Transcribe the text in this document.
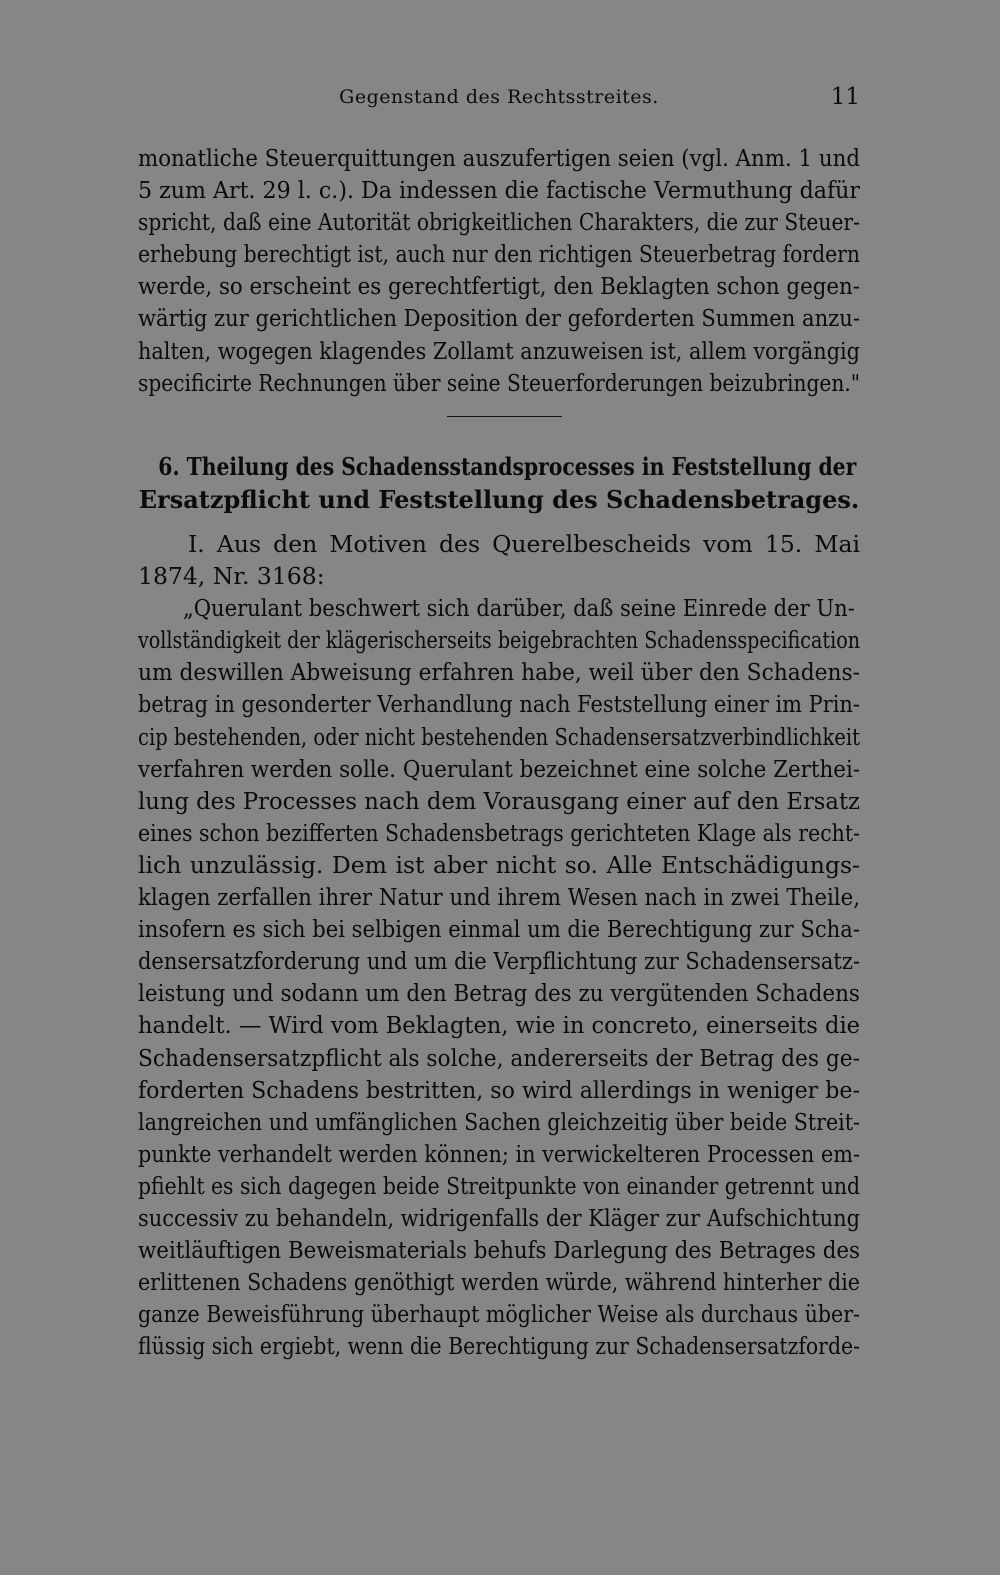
Gegenstand des Rechtsstreites.	11
monatliche Steuerquittungen auszufertigen seien (vgl. Anm. 1 und
5 zum Art. 29 l. c.). Da indessen die factische Vermuthung dafür
spricht, daß eine Autorität obrigkeitlichen Charakters, die zur Steuer-
erhebung berechtigt ist, auch nur den richtigen Steuerbetrag fordern
werde, so erscheint es gerechtfertigt, den Beklagten schon gegen-
wärtig zur gerichtlichen Deposition der geforderten Summen anzu-
halten, wogegen klagendes Zollamt anzuweisen ist, allem vorgängig
specificirte Rechnungen über seine Steuerforderungen beizubringen."
6. Theilung des Schadensstandsprocesses in Feststellung der
Ersatzpflicht und Feststellung des Schadensbetrages.
I. Aus den Motiven des Querelbescheids vom 15. Mai
1874, Nr. 3168:
„Querulant beschwert sich darüber, daß seine Einrede der Un-
vollständigkeit der klägerischerseits beigebrachten Schadensspecification
um deswillen Abweisung erfahren habe, weil über den Schadens-
betrag in gesonderter Verhandlung nach Feststellung einer im Prin-
cip bestehenden, oder nicht bestehenden Schadensersatzverbindlichkeit
verfahren werden solle. Querulant bezeichnet eine solche Zerthei-
lung des Processes nach dem Vorausgang einer auf den Ersatz
eines schon bezifferten Schadensbetrags gerichteten Klage als recht-
lich unzulässig. Dem ist aber nicht so. Alle Entschädigungs-
klagen zerfallen ihrer Natur und ihrem Wesen nach in zwei Theile,
insofern es sich bei selbigen einmal um die Berechtigung zur Scha-
densersatzforderung und um die Verpflichtung zur Schadensersatz-
leistung und sodann um den Betrag des zu vergütenden Schadens
handelt. — Wird vom Beklagten, wie in concreto, einerseits die
Schadensersatzpflicht als solche, andererseits der Betrag des ge-
forderten Schadens bestritten, so wird allerdings in weniger be-
langreichen und umfänglichen Sachen gleichzeitig über beide Streit-
punkte verhandelt werden können; in verwickelteren Processen em-
pfiehlt es sich dagegen beide Streitpunkte von einander getrennt und
successiv zu behandeln, widrigenfalls der Kläger zur Aufschichtung
weitläuftigen Beweismaterials behufs Darlegung des Betrages des
erlittenen Schadens genöthigt werden würde, während hinterher die
ganze Beweisführung überhaupt möglicher Weise als durchaus über-
flüssig sich ergiebt, wenn die Berechtigung zur Schadensersatzforde-
